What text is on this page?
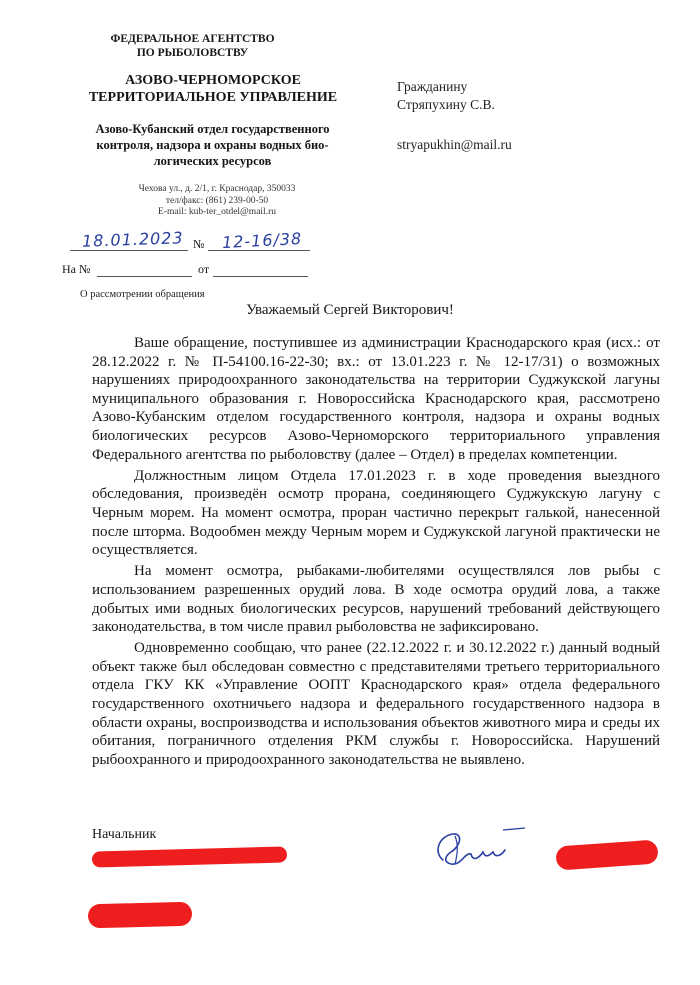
ФЕДЕРАЛЬНОЕ АГЕНТСТВО
ПО РЫБОЛОВСТВУ
АЗОВО-ЧЕРНОМОРСКОЕ
ТЕРРИТОРИАЛЬНОЕ УПРАВЛЕНИЕ
Азово-Кубанский отдел государственного
контроля, надзора и охраны водных био-
логических ресурсов
Чехова ул., д. 2/1, г. Краснодар, 350033
тел/факс: (861) 239-00-50
E-mail: kub-ter_otdel@mail.ru
Гражданину
Стряпухину С.В.
stryapukhin@mail.ru
18.01.2023 № 12-16/38
На №	от
О рассмотрении обращения
Уважаемый Сергей Викторович!

Ваше обращение, поступившее из администрации Краснодарского края (исх.: от 28.12.2022 г. № П-54100.16-22-30; вх.: от 13.01.223 г. № 12-17/31) о возможных нарушениях природоохранного законодательства на территории Суджукской лагуны муниципального образования г. Новороссийска Краснодарского края, рассмотрено Азово-Кубанским отделом государственного контроля, надзора и охраны водных биологических ресурсов Азово-Черноморского территориального управления Федерального агентства по рыболовству (далее – Отдел) в пределах компетенции.

Должностным лицом Отдела 17.01.2023 г. в ходе проведения выездного обследования, произведён осмотр прорана, соединяющего Суджукскую лагуну с Черным морем. На момент осмотра, проран частично перекрыт галькой, нанесенной после шторма. Водообмен между Черным морем и Суджукской лагуной практически не осуществляется.

На момент осмотра, рыбаками-любителями осуществлялся лов рыбы с использованием разрешенных орудий лова. В ходе осмотра орудий лова, а также добытых ими водных биологических ресурсов, нарушений требований действующего законодательства, в том числе правил рыболовства не зафиксировано.

Одновременно сообщаю, что ранее (22.12.2022 г. и 30.12.2022 г.) данный водный объект также был обследован совместно с представителями третьего территориального отдела ГКУ КК «Управление ООПТ Краснодарского края» отдела федерального государственного охотничьего надзора и федерального государственного надзора в области охраны, воспроизводства и использования объектов животного мира и среды их обитания, пограничного отделения РКМ службы г. Новороссийска. Нарушений рыбоохранного и природоохранного законодательства не выявлено.

Начальник
